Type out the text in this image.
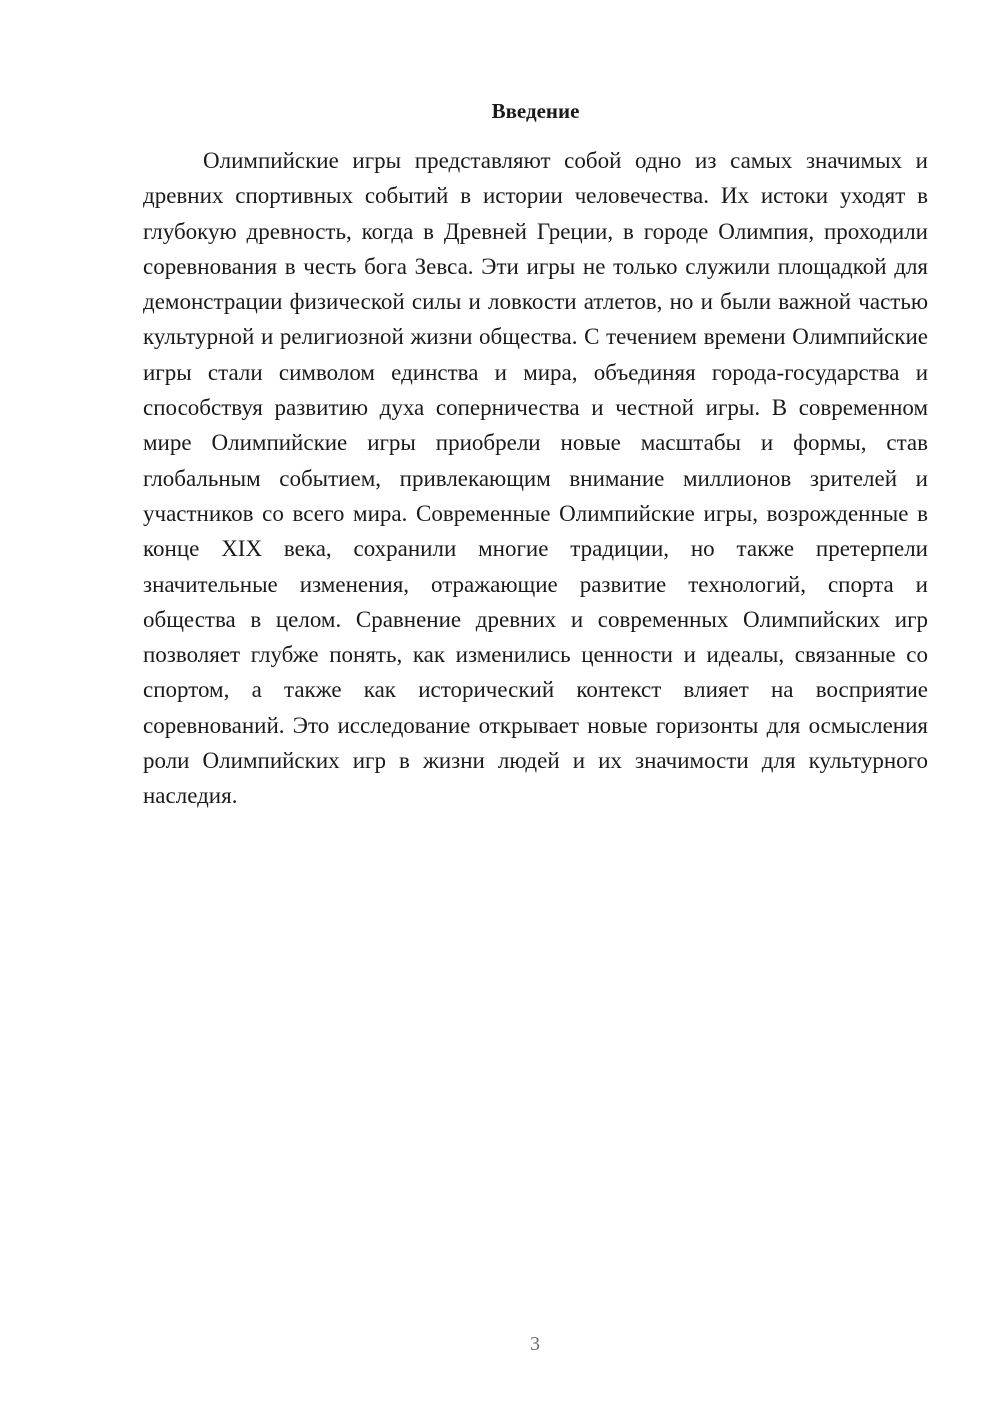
Введение

Олимпийские игры представляют собой одно из самых значимых и древних спортивных событий в истории человечества. Их истоки уходят в глубокую древность, когда в Древней Греции, в городе Олимпия, проходили соревнования в честь бога Зевса. Эти игры не только служили площадкой для демонстрации физической силы и ловкости атлетов, но и были важной частью культурной и религиозной жизни общества. С течением времени Олимпийские игры стали символом единства и мира, объединяя города-государства и способствуя развитию духа соперничества и честной игры. В современном мире Олимпийские игры приобрели новые масштабы и формы, став глобальным событием, привлекающим внимание миллионов зрителей и участников со всего мира. Современные Олимпийские игры, возрожденные в конце XIX века, сохранили многие традиции, но также претерпели значительные изменения, отражающие развитие технологий, спорта и общества в целом. Сравнение древних и современных Олимпийских игр позволяет глубже понять, как изменились ценности и идеалы, связанные со спортом, а также как исторический контекст влияет на восприятие соревнований. Это исследование открывает новые горизонты для осмысления роли Олимпийских игр в жизни людей и их значимости для культурного наследия.

3
